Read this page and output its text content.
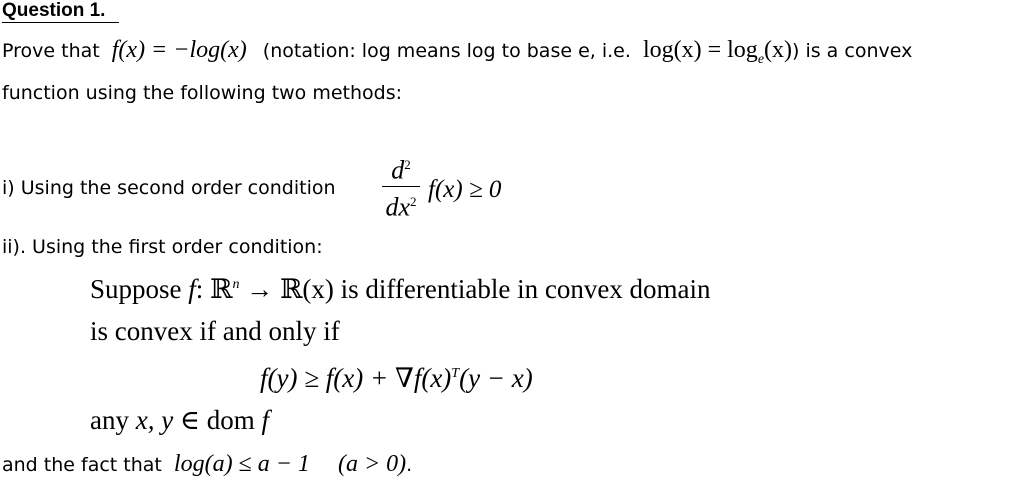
Question 1.
Prove that f(x) = −log(x) (notation: log means log to base e, i.e. $\log(x) = \log_e(x)$) is a convex
function using the following two methods:
i) Using the second order condition $\frac{d^2}{dx^2} f(x) \ge 0$
ii). Using the first order condition:
Suppose f: ℝ$^n$ → ℝ(x) is differentiable in convex domain
is convex if and only if
$f(y) \ge f(x) + \nabla f(x)^T(y - x)$
any x, y ∈ dom f
and the fact that log(a) ≤ a − 1 (a > 0).
